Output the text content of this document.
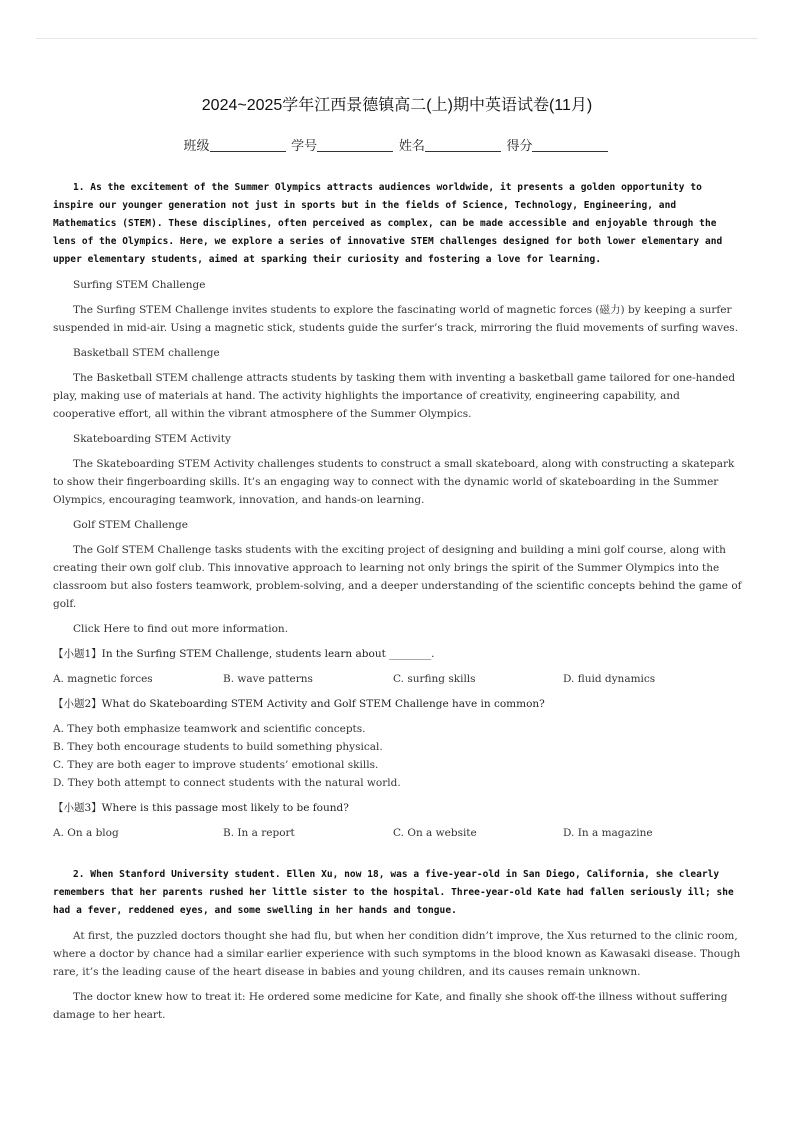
2024~2025学年江西景德镇高二(上)期中英语试卷(11月)
班级	学号	姓名	得分

1. As the excitement of the Summer Olympics attracts audiences worldwide, it presents a golden opportunity to inspire our younger generation not just in sports but in the fields of Science, Technology, Engineering, and Mathematics (STEM). These disciplines, often perceived as complex, can be made accessible and enjoyable through the lens of the Olympics. Here, we explore a series of innovative STEM challenges designed for both lower elementary and upper elementary students, aimed at sparking their curiosity and fostering a love for learning.

Surfing STEM Challenge

The Surfing STEM Challenge invites students to explore the fascinating world of magnetic forces (磁力) by keeping a surfer suspended in mid-air. Using a magnetic stick, students guide the surfer’s track, mirroring the fluid movements of surfing waves.

Basketball STEM challenge

The Basketball STEM challenge attracts students by tasking them with inventing a basketball game tailored for one-handed play, making use of materials at hand. The activity highlights the importance of creativity, engineering capability, and cooperative effort, all within the vibrant atmosphere of the Summer Olympics.

Skateboarding STEM Activity

The Skateboarding STEM Activity challenges students to construct a small skateboard, along with constructing a skatepark to show their fingerboarding skills. It’s an engaging way to connect with the dynamic world of skateboarding in the Summer Olympics, encouraging teamwork, innovation, and hands-on learning.

Golf STEM Challenge

The Golf STEM Challenge tasks students with the exciting project of designing and building a mini golf course, along with creating their own golf club. This innovative approach to learning not only brings the spirit of the Summer Olympics into the classroom but also fosters teamwork, problem-solving, and a deeper understanding of the scientific concepts behind the game of golf.

Click Here to find out more information.

【小题1】In the Surfing STEM Challenge, students learn about ________.

A. magnetic forces	B. wave patterns	C. surfing skills	D. fluid dynamics

【小题2】What do Skateboarding STEM Activity and Golf STEM Challenge have in common?

A. They both emphasize teamwork and scientific concepts.
B. They both encourage students to build something physical.
C. They are both eager to improve students’ emotional skills.
D. They both attempt to connect students with the natural world.

【小题3】Where is this passage most likely to be found?

A. On a blog	B. In a report	C. On a website	D. In a magazine

2. When Stanford University student. Ellen Xu, now 18, was a five-year-old in San Diego, California, she clearly remembers that her parents rushed her little sister to the hospital. Three-year-old Kate had fallen seriously ill; she had a fever, reddened eyes, and some swelling in her hands and tongue.

At first, the puzzled doctors thought she had flu, but when her condition didn’t improve, the Xus returned to the clinic room, where a doctor by chance had a similar earlier experience with such symptoms in the blood known as Kawasaki disease. Though rare, it’s the leading cause of the heart disease in babies and young children, and its causes remain unknown.

The doctor knew how to treat it: He ordered some medicine for Kate, and finally she shook off-the illness without suffering damage to her heart.
